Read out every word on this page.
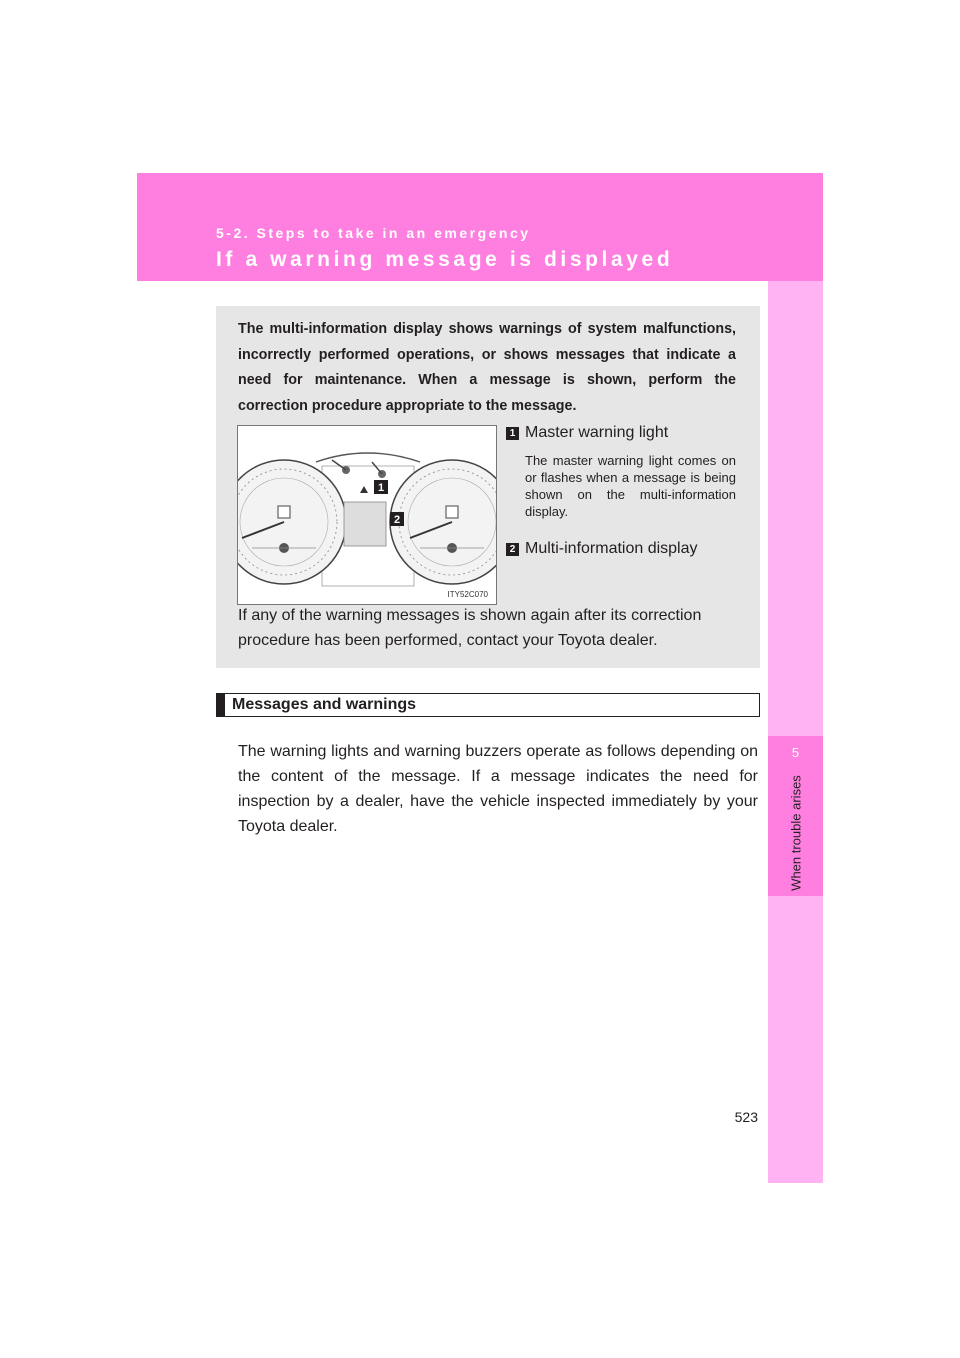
5-2. Steps to take in an emergency
If a warning message is displayed
5
When trouble arises

The multi-information display shows warnings of system malfunctions, incorrectly performed operations, or shows messages that indicate a need for maintenance. When a message is shown, perform the correction procedure appropriate to the message.

1
2
ITY52C070
1 Master warning light
The master warning light comes on or flashes when a message is being shown on the multi-information display.
2 Multi-information display

If any of the warning messages is shown again after its correction procedure has been performed, contact your Toyota dealer.

Messages and warnings

The warning lights and warning buzzers operate as follows depending on the content of the message. If a message indicates the need for inspection by a dealer, have the vehicle inspected immediately by your Toyota dealer.

523
